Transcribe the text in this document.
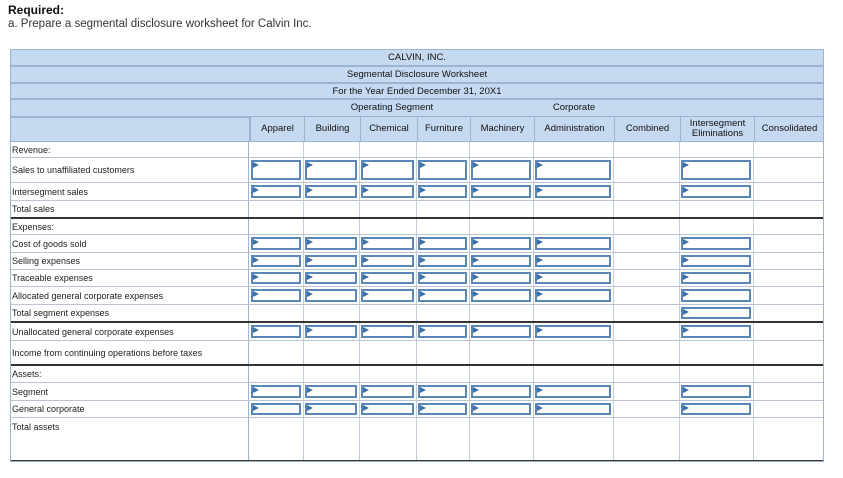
Required:
a. Prepare a segmental disclosure worksheet for Calvin Inc.
CALVIN, INC.
Segmental Disclosure Worksheet
For the Year Ended December 31, 20X1
Operating Segment	Corporate
Apparel	Building	Chemical	Furniture	Machinery	Administration	Combined	Intersegment Eliminations	Consolidated
Revenue:
Sales to unaffiliated customers
Intersegment sales
Total sales
Expenses:
Cost of goods sold
Selling expenses
Traceable expenses
Allocated general corporate expenses
Total segment expenses
Unallocated general corporate expenses
Income from continuing operations before taxes
Assets:
Segment
General corporate
Total assets
